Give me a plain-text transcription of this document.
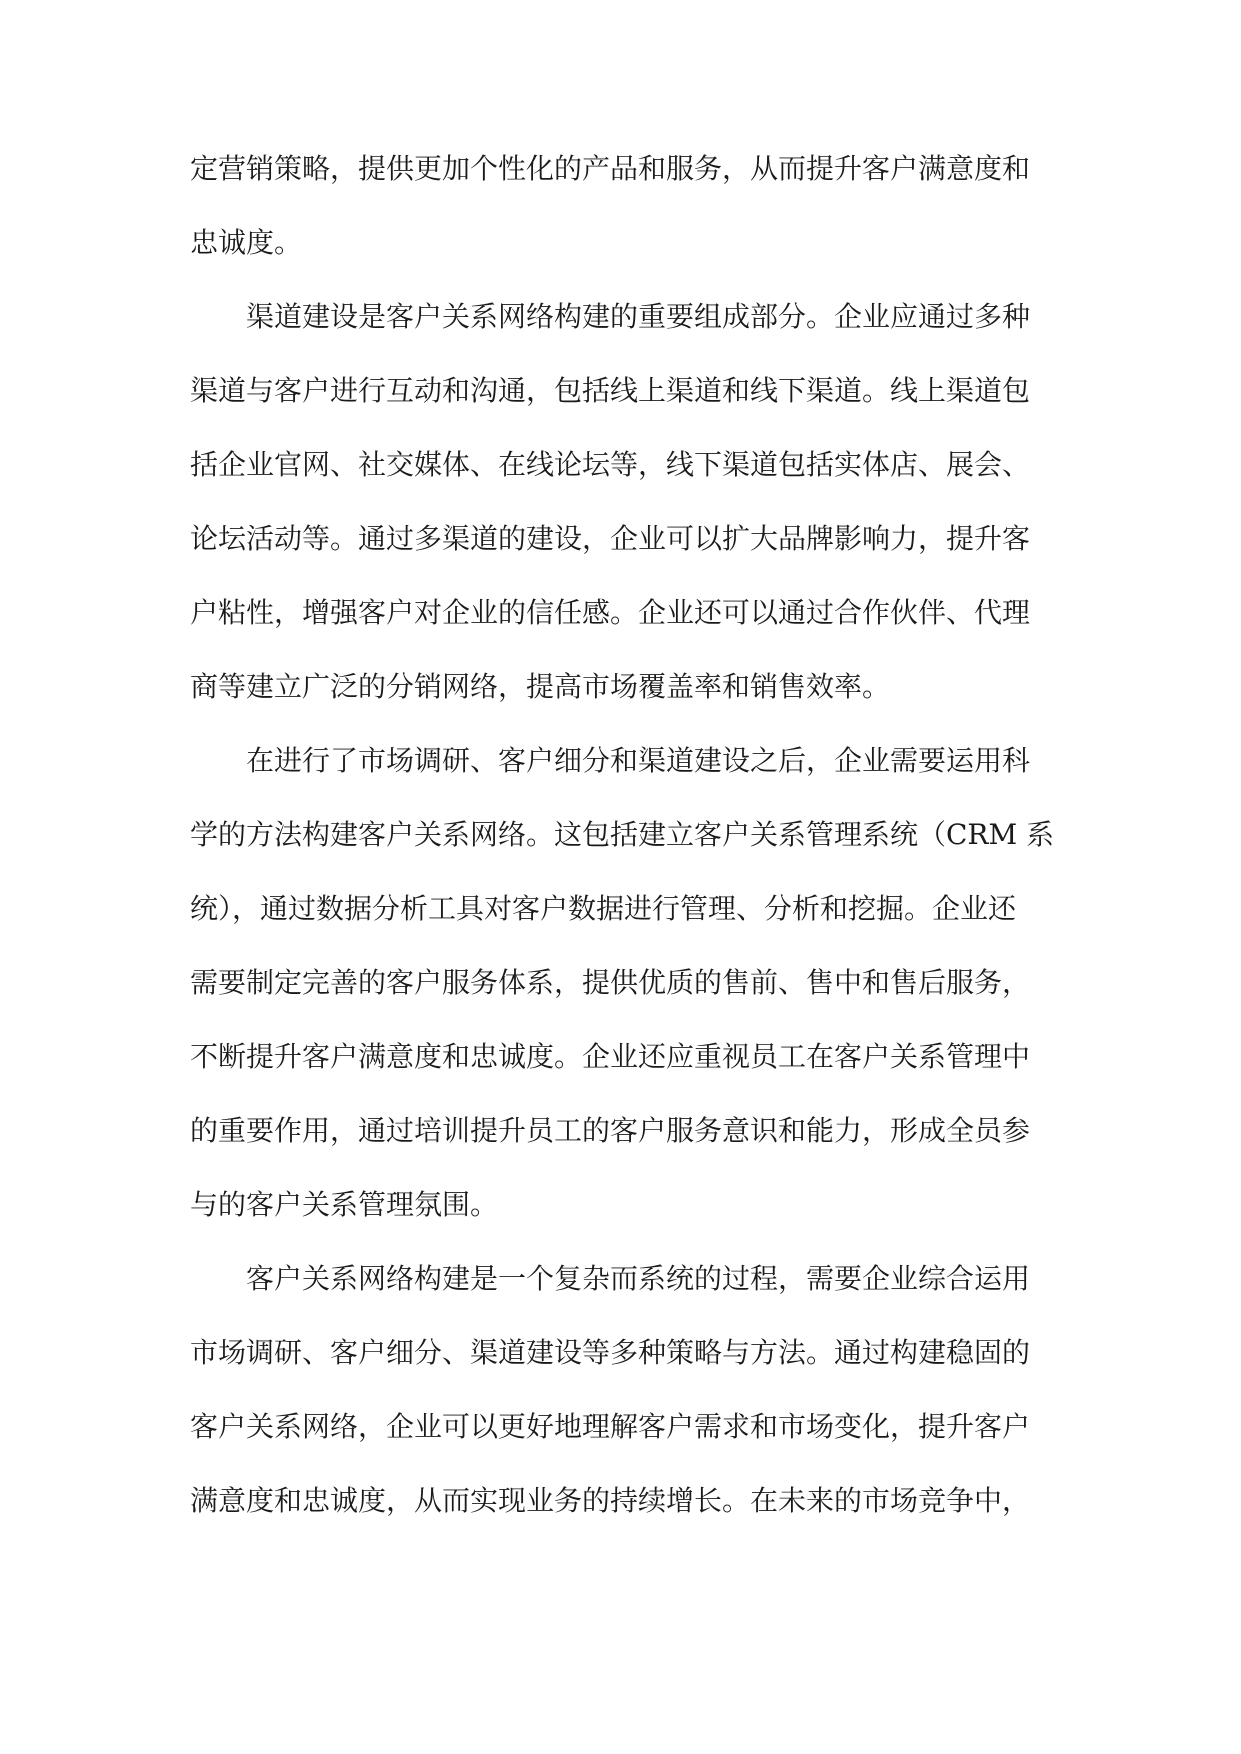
定营销策略，提供更加个性化的产品和服务，从而提升客户满意度和
忠诚度。
渠道建设是客户关系网络构建的重要组成部分。企业应通过多种
渠道与客户进行互动和沟通，包括线上渠道和线下渠道。线上渠道包
括企业官网、社交媒体、在线论坛等，线下渠道包括实体店、展会、
论坛活动等。通过多渠道的建设，企业可以扩大品牌影响力，提升客
户粘性，增强客户对企业的信任感。企业还可以通过合作伙伴、代理
商等建立广泛的分销网络，提高市场覆盖率和销售效率。
在进行了市场调研、客户细分和渠道建设之后，企业需要运用科
学的方法构建客户关系网络。这包括建立客户关系管理系统（CRM 系
统），通过数据分析工具对客户数据进行管理、分析和挖掘。企业还
需要制定完善的客户服务体系，提供优质的售前、售中和售后服务，
不断提升客户满意度和忠诚度。企业还应重视员工在客户关系管理中
的重要作用，通过培训提升员工的客户服务意识和能力，形成全员参
与的客户关系管理氛围。
客户关系网络构建是一个复杂而系统的过程，需要企业综合运用
市场调研、客户细分、渠道建设等多种策略与方法。通过构建稳固的
客户关系网络，企业可以更好地理解客户需求和市场变化，提升客户
满意度和忠诚度，从而实现业务的持续增长。在未来的市场竞争中，
